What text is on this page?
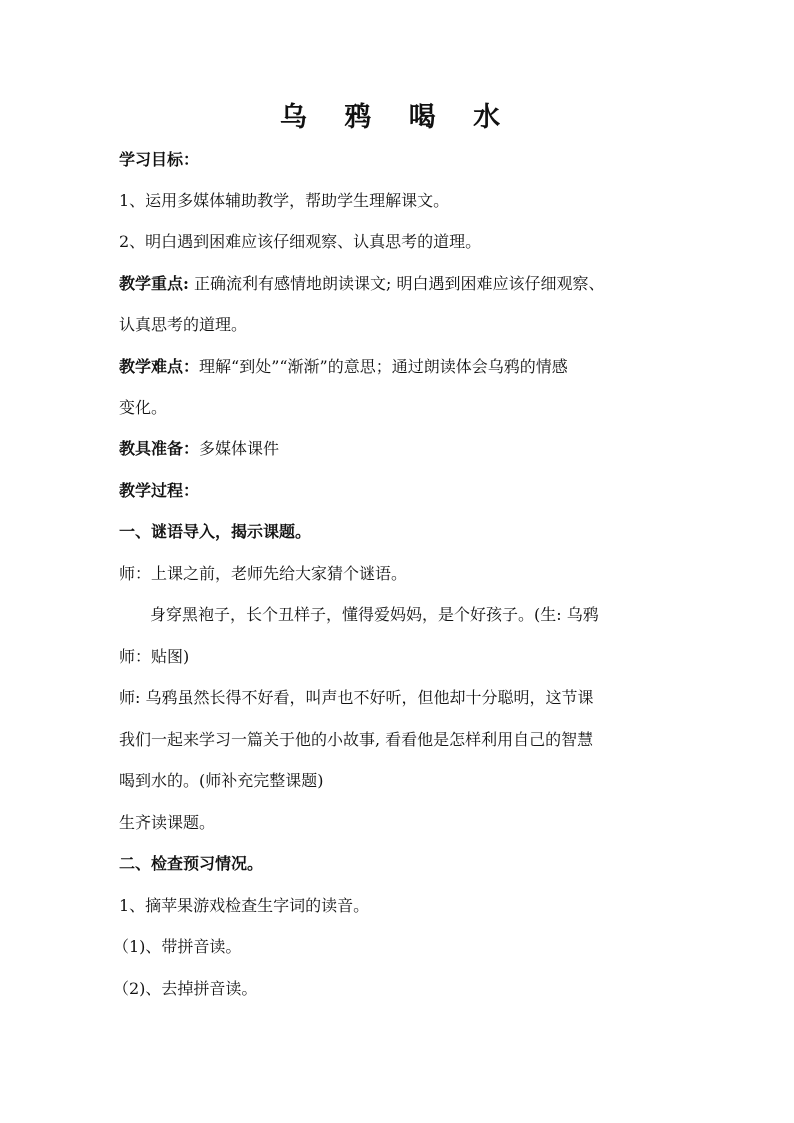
乌 鸦 喝 水
学习目标：
1、运用多媒体辅助教学，帮助学生理解课文。
2、明白遇到困难应该仔细观察、认真思考的道理。
教学重点: 正确流利有感情地朗读课文; 明白遇到困难应该仔细观察、
认真思考的道理。
教学难点：理解“到处”“渐渐”的意思；通过朗读体会乌鸦的情感
变化。
教具准备：多媒体课件
教学过程：
一、谜语导入，揭示课题。
师：上课之前，老师先给大家猜个谜语。
身穿黑袍子，长个丑样子，懂得爱妈妈，是个好孩子。(生: 乌鸦
师：贴图)
师: 乌鸦虽然长得不好看，叫声也不好听，但他却十分聪明，这节课
我们一起来学习一篇关于他的小故事, 看看他是怎样利用自己的智慧
喝到水的。(师补充完整课题)
生齐读课题。
二、检查预习情况。
1、摘苹果游戏检查生字词的读音。
（1)、带拼音读。
（2)、去掉拼音读。
